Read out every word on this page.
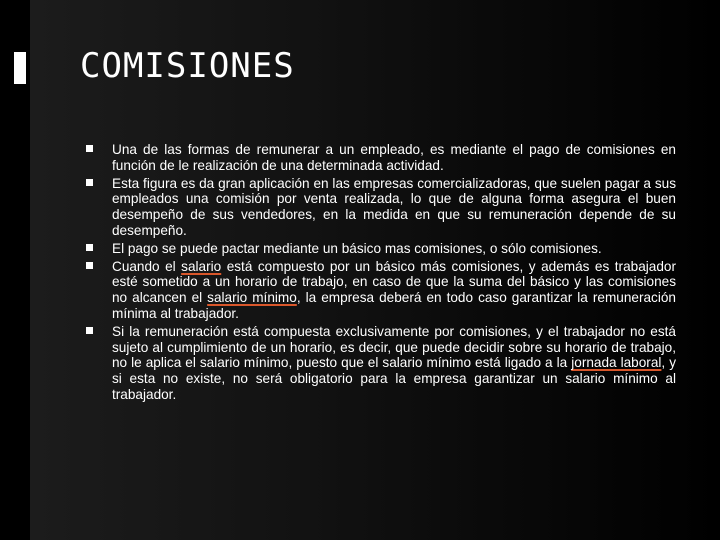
COMISIONES
Una de las formas de remunerar a un empleado, es mediante el pago de comisiones en función de le realización de una determinada actividad.
Esta figura es da gran aplicación en las empresas comercializadoras, que suelen pagar a sus empleados una comisión por venta realizada, lo que de alguna forma asegura el buen desempeño de sus vendedores, en la medida en que su remuneración depende de su desempeño.
El pago se puede pactar mediante un básico mas comisiones, o sólo comisiones.
Cuando el salario está compuesto por un básico más comisiones, y además es trabajador esté sometido a un horario de trabajo, en caso de que la suma del básico y las comisiones no alcancen el salario mínimo, la empresa deberá en todo caso garantizar la remuneración mínima al trabajador.
Si la remuneración está compuesta exclusivamente por comisiones, y el trabajador no está sujeto al cumplimiento de un horario, es decir, que puede decidir sobre su horario de trabajo, no le aplica el salario mínimo, puesto que el salario mínimo está ligado a la jornada laboral, y si esta no existe, no será obligatorio para la empresa garantizar un salario mínimo al trabajador.
